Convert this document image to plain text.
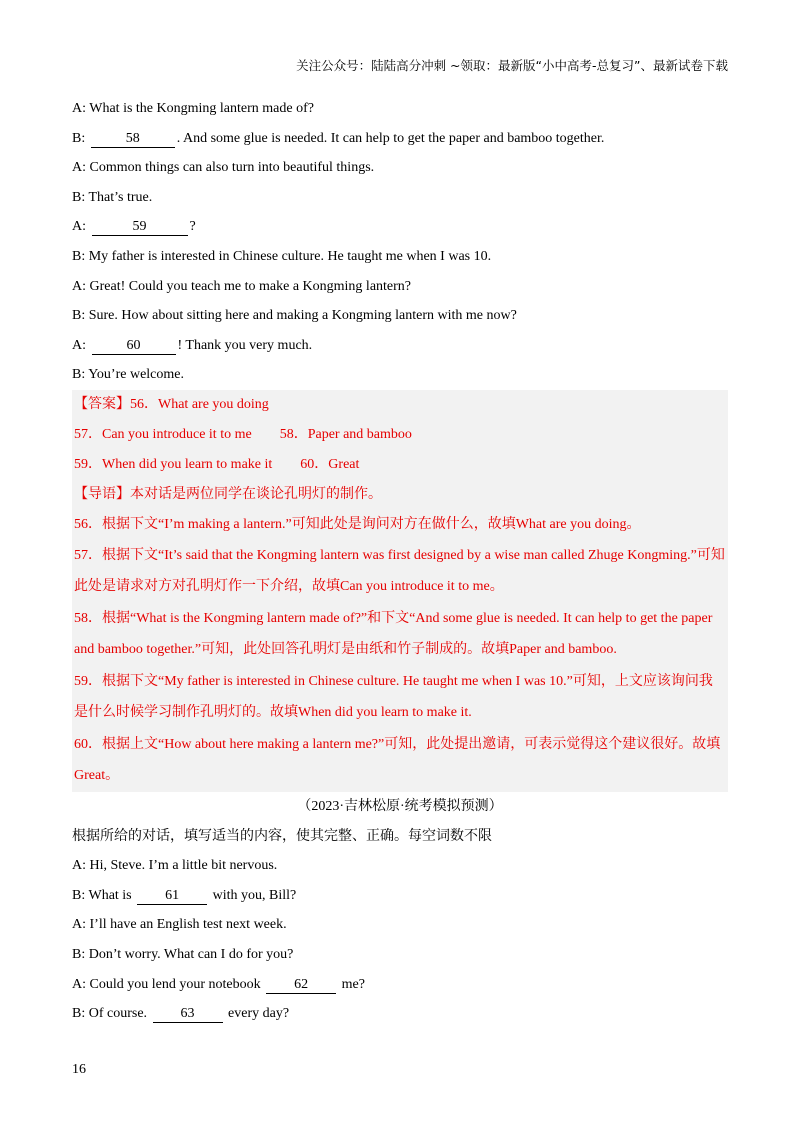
关注公众号：陆陆高分冲刺 ~领取：最新版“小中高考-总复习”、最新试卷下载
A: What is the Kongming lantern made of?
B:	58	. And some glue is needed. It can help to get the paper and bamboo together.
A: Common things can also turn into beautiful things.
B: That’s true.
A:	59	?
B: My father is interested in Chinese culture. He taught me when I was 10.
A: Great! Could you teach me to make a Kongming lantern?
B: Sure. How about sitting here and making a Kongming lantern with me now?
A:	60	! Thank you very much.
B: You’re welcome.
【答案】56．What are you doing
57．Can you introduce it to me 58．Paper and bamboo
59．When did you learn to make it 60．Great
【导语】本对话是两位同学在谈论孔明灯的制作。
56．根据下文“I’m making a lantern.”可知此处是询问对方在做什么，故填What are you doing。
57．根据下文“It’s said that the Kongming lantern was first designed by a wise man called Zhuge Kongming.”可知此处是请求对方对孔明灯作一下介绍，故填Can you introduce it to me。
58．根据“What is the Kongming lantern made of?”和下文“And some glue is needed. It can help to get the paper and bamboo together.”可知，此处回答孔明灯是由纸和竹子制成的。故填Paper and bamboo.
59．根据下文“My father is interested in Chinese culture. He taught me when I was 10.”可知，上文应该询问我是什么时候学习制作孔明灯的。故填When did you learn to make it.
60．根据上文“How about here making a lantern me?”可知，此处提出邀请，可表示觉得这个建议很好。故填Great。
（2023·吉林松原·统考模拟预测）
根据所给的对话，填写适当的内容，使其完整、正确。每空词数不限
A: Hi, Steve. I’m a little bit nervous.
B: What is 61 with you, Bill?
A: I’ll have an English test next week.
B: Don’t worry. What can I do for you?
A: Could you lend your notebook 62 me?
B: Of course. 63 every day?
16
